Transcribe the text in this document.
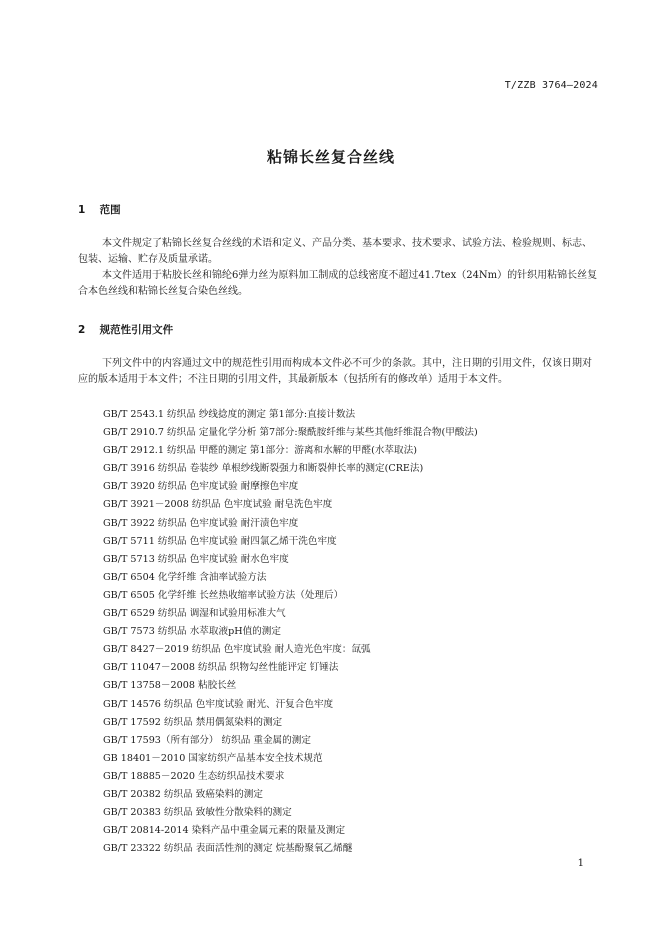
T/ZZB 3764—2024
粘锦长丝复合丝线
1 范围

本文件规定了粘锦长丝复合丝线的术语和定义、产品分类、基本要求、技术要求、试验方法、检验规则、标志、包装、运输、贮存及质量承诺。

本文件适用于粘胶长丝和锦纶6弹力丝为原料加工制成的总线密度不超过41.7tex（24Nm）的针织用粘锦长丝复合本色丝线和粘锦长丝复合染色丝线。

2 规范性引用文件

下列文件中的内容通过文中的规范性引用而构成本文件必不可少的条款。其中，注日期的引用文件，仅该日期对应的版本适用于本文件；不注日期的引用文件，其最新版本（包括所有的修改单）适用于本文件。

GB/T 2543.1 纺织品 纱线捻度的测定 第1部分:直接计数法
GB/T 2910.7 纺织品 定量化学分析 第7部分:聚酰胺纤维与某些其他纤维混合物(甲酸法)
GB/T 2912.1 纺织品 甲醛的测定 第1部分：游离和水解的甲醛(水萃取法)
GB/T 3916 纺织品 卷装纱 单根纱线断裂强力和断裂伸长率的测定(CRE法)
GB/T 3920 纺织品 色牢度试验 耐摩擦色牢度
GB/T 3921－2008 纺织品 色牢度试验 耐皂洗色牢度
GB/T 3922 纺织品 色牢度试验 耐汗渍色牢度
GB/T 5711 纺织品 色牢度试验 耐四氯乙烯干洗色牢度
GB/T 5713 纺织品 色牢度试验 耐水色牢度
GB/T 6504 化学纤维 含油率试验方法
GB/T 6505 化学纤维 长丝热收缩率试验方法（处理后）
GB/T 6529 纺织品 调湿和试验用标准大气
GB/T 7573 纺织品 水萃取液pH值的测定
GB/T 8427－2019 纺织品 色牢度试验 耐人造光色牢度：氙弧
GB/T 11047－2008 纺织品 织物勾丝性能评定 钉锤法
GB/T 13758－2008 粘胶长丝
GB/T 14576 纺织品 色牢度试验 耐光、汗复合色牢度
GB/T 17592 纺织品 禁用偶氮染料的测定
GB/T 17593（所有部分） 纺织品 重金属的测定
GB 18401－2010 国家纺织产品基本安全技术规范
GB/T 18885－2020 生态纺织品技术要求
GB/T 20382 纺织品 致癌染料的测定
GB/T 20383 纺织品 致敏性分散染料的测定
GB/T 20814-2014 染料产品中重金属元素的限量及测定
GB/T 23322 纺织品 表面活性剂的测定 烷基酚聚氧乙烯醚
1
